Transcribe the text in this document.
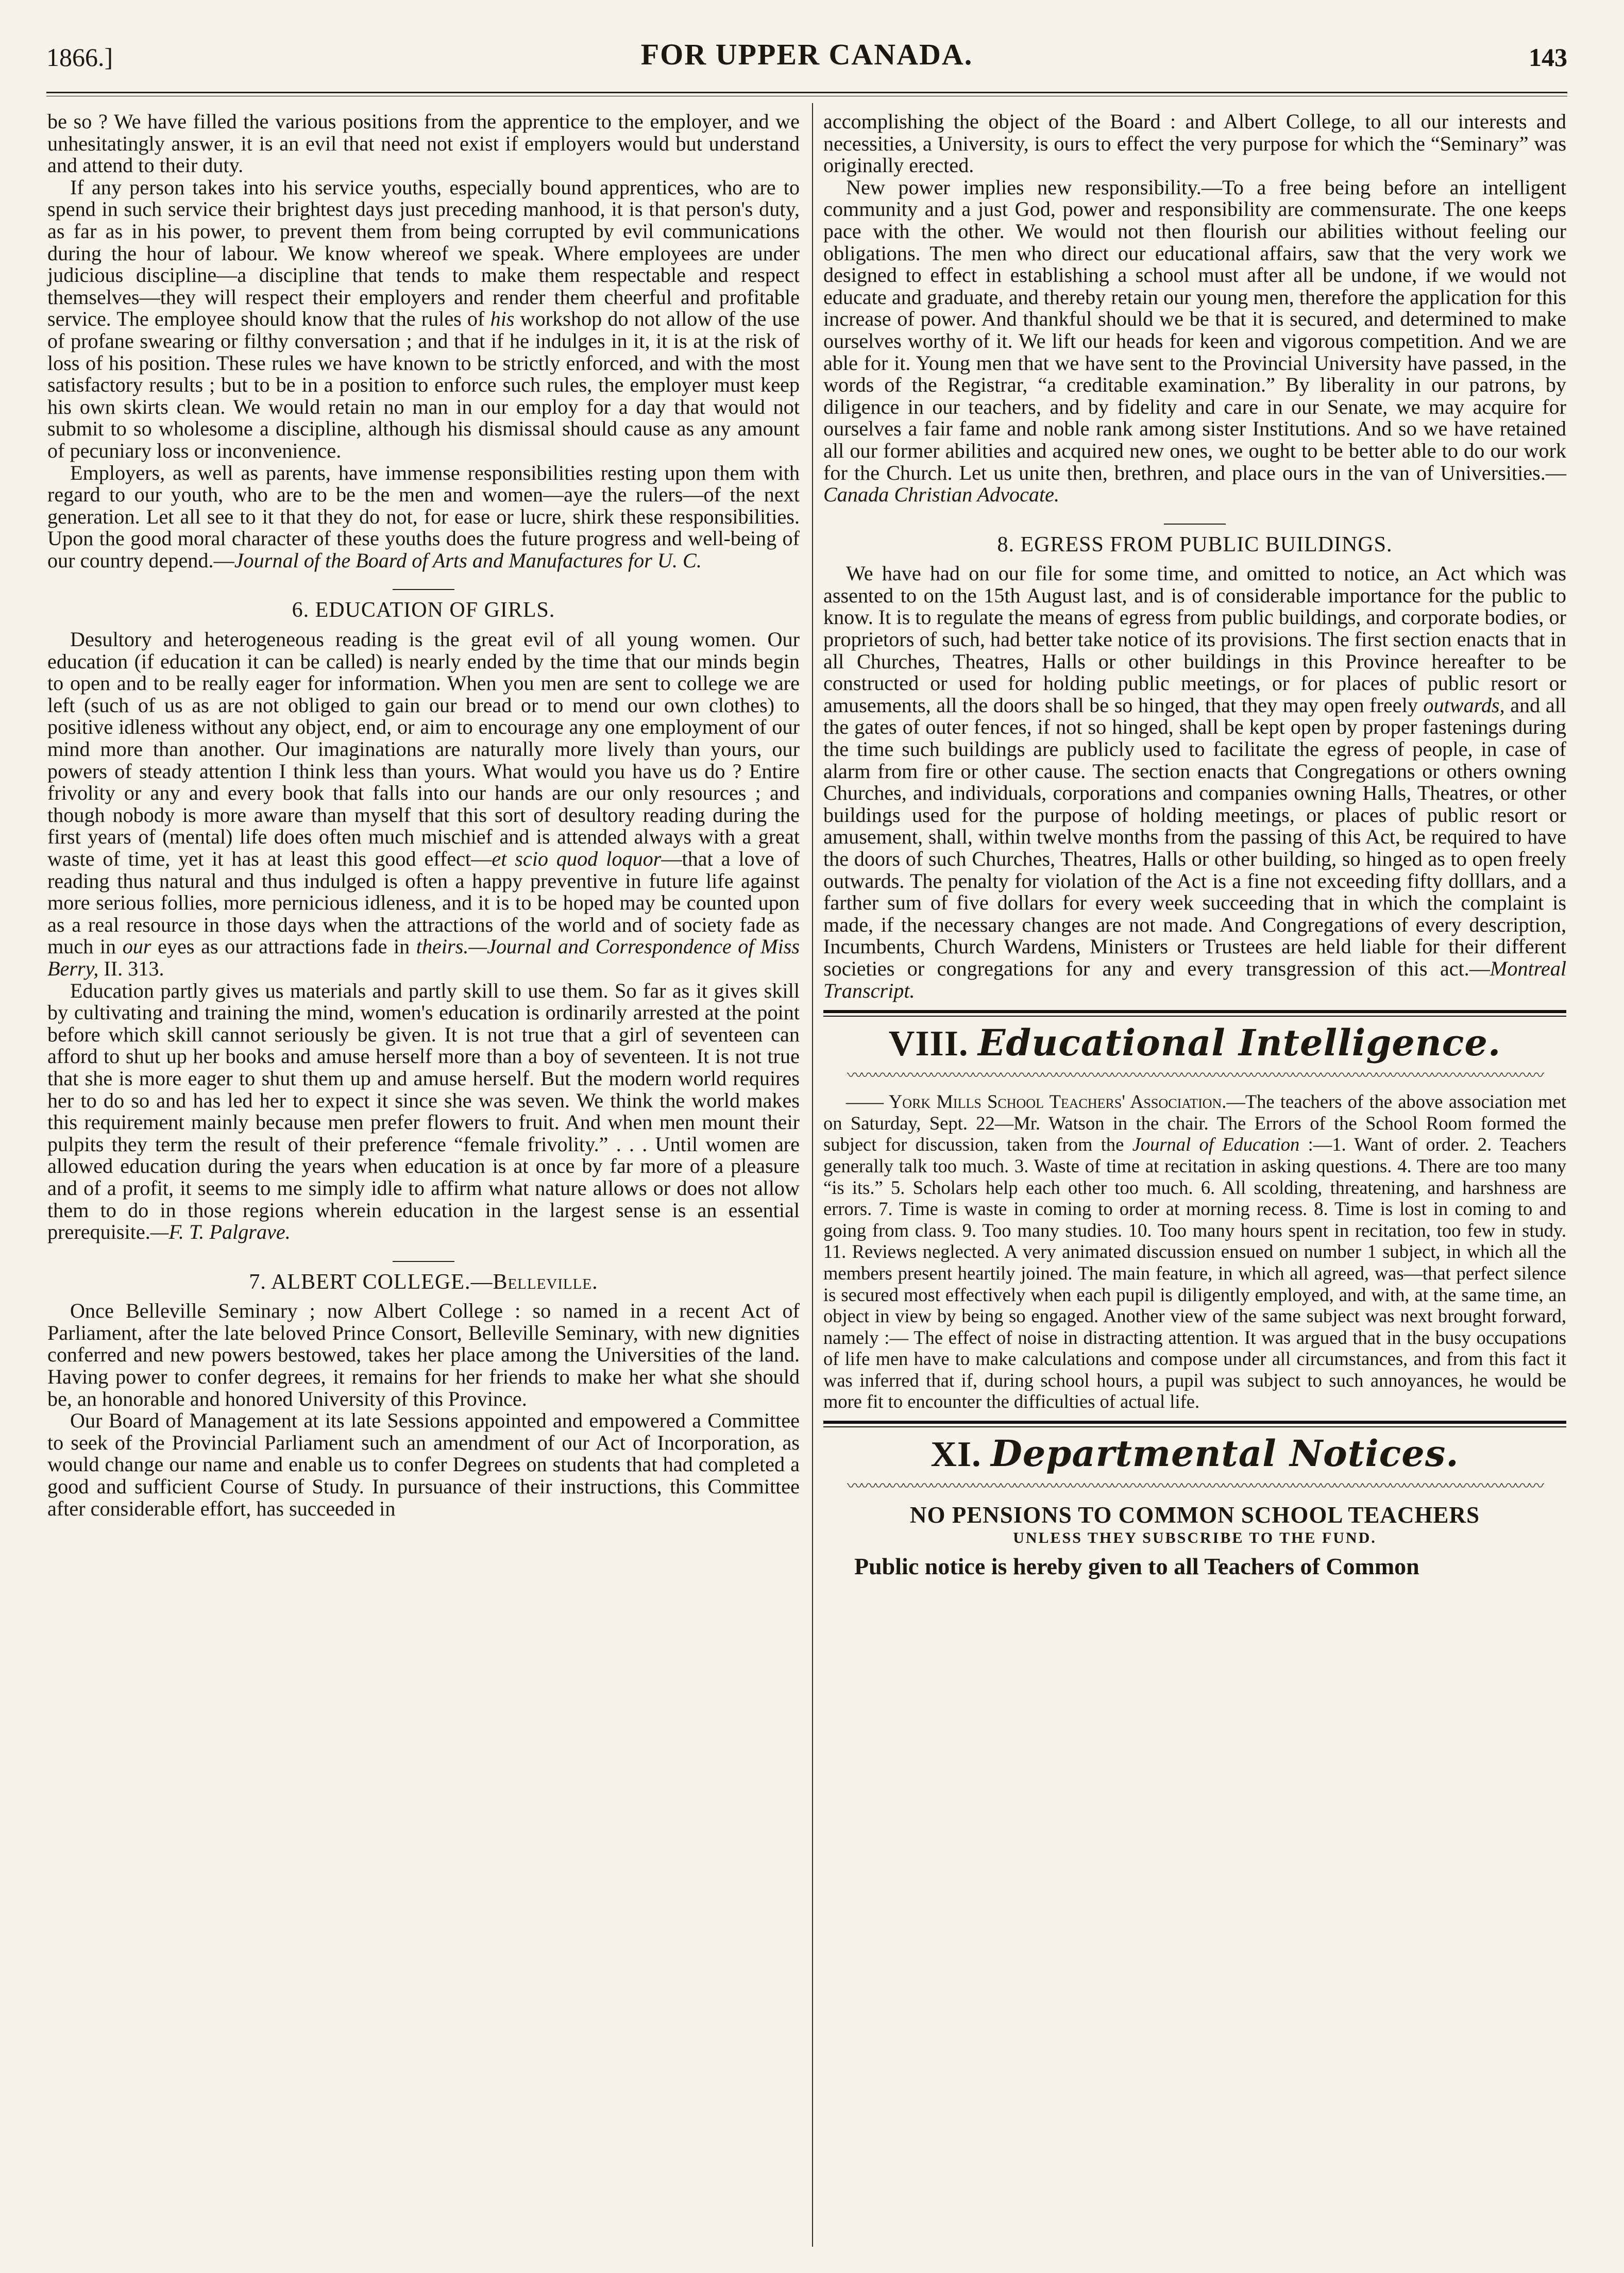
1866.]	FOR UPPER CANADA.	143

be so ? We have filled the various positions from the apprentice to the employer, and we unhesitatingly answer, it is an evil that need not exist if employers would but understand and attend to their duty.

If any person takes into his service youths, especially bound apprentices, who are to spend in such service their brightest days just preceding manhood, it is that person's duty, as far as in his power, to prevent them from being corrupted by evil communications during the hour of labour. We know whereof we speak. Where employees are under judicious discipline—a discipline that tends to make them respectable and respect themselves—they will respect their employers and render them cheerful and profitable service. The employee should know that the rules of his workshop do not allow of the use of profane swearing or filthy conversation ; and that if he indulges in it, it is at the risk of loss of his position. These rules we have known to be strictly enforced, and with the most satisfactory results ; but to be in a position to enforce such rules, the employer must keep his own skirts clean. We would retain no man in our employ for a day that would not submit to so wholesome a discipline, although his dismissal should cause as any amount of pecuniary loss or inconvenience.

Employers, as well as parents, have immense responsibilities resting upon them with regard to our youth, who are to be the men and women—aye the rulers—of the next generation. Let all see to it that they do not, for ease or lucre, shirk these responsibilities. Upon the good moral character of these youths does the future progress and well-being of our country depend.—Journal of the Board of Arts and Manufactures for U. C.

6. EDUCATION OF GIRLS.

Desultory and heterogeneous reading is the great evil of all young women. Our education (if education it can be called) is nearly ended by the time that our minds begin to open and to be really eager for information. When you men are sent to college we are left (such of us as are not obliged to gain our bread or to mend our own clothes) to positive idleness without any object, end, or aim to encourage any one employment of our mind more than another. Our imaginations are naturally more lively than yours, our powers of steady attention I think less than yours. What would you have us do ? Entire frivolity or any and every book that falls into our hands are our only resources ; and though nobody is more aware than myself that this sort of desultory reading during the first years of (mental) life does often much mischief and is attended always with a great waste of time, yet it has at least this good effect—et scio quod loquor—that a love of reading thus natural and thus indulged is often a happy preventive in future life against more serious follies, more pernicious idleness, and it is to be hoped may be counted upon as a real resource in those days when the attractions of the world and of society fade as much in our eyes as our attractions fade in theirs.—Journal and Correspondence of Miss Berry, II. 313.

Education partly gives us materials and partly skill to use them. So far as it gives skill by cultivating and training the mind, women's education is ordinarily arrested at the point before which skill cannot seriously be given. It is not true that a girl of seventeen can afford to shut up her books and amuse herself more than a boy of seventeen. It is not true that she is more eager to shut them up and amuse herself. But the modern world requires her to do so and has led her to expect it since she was seven. We think the world makes this requirement mainly because men prefer flowers to fruit. And when men mount their pulpits they term the result of their preference “female frivolity.” . . . Until women are allowed education during the years when education is at once by far more of a pleasure and of a profit, it seems to me simply idle to affirm what nature allows or does not allow them to do in those regions wherein education in the largest sense is an essential prerequisite.—F. T. Palgrave.

7. ALBERT COLLEGE.—Belleville.

Once Belleville Seminary ; now Albert College : so named in a recent Act of Parliament, after the late beloved Prince Consort, Belleville Seminary, with new dignities conferred and new powers bestowed, takes her place among the Universities of the land. Having power to confer degrees, it remains for her friends to make her what she should be, an honorable and honored University of this Province.

Our Board of Management at its late Sessions appointed and empowered a Committee to seek of the Provincial Parliament such an amendment of our Act of Incorporation, as would change our name and enable us to confer Degrees on students that had completed a good and sufficient Course of Study. In pursuance of their instructions, this Committee after considerable effort, has succeeded in

accomplishing the object of the Board : and Albert College, to all our interests and necessities, a University, is ours to effect the very purpose for which the “Seminary” was originally erected.

New power implies new responsibility.—To a free being before an intelligent community and a just God, power and responsibility are commensurate. The one keeps pace with the other. We would not then flourish our abilities without feeling our obligations. The men who direct our educational affairs, saw that the very work we designed to effect in establishing a school must after all be undone, if we would not educate and graduate, and thereby retain our young men, therefore the application for this increase of power. And thankful should we be that it is secured, and determined to make ourselves worthy of it. We lift our heads for keen and vigorous competition. And we are able for it. Young men that we have sent to the Provincial University have passed, in the words of the Registrar, “a creditable examination.” By liberality in our patrons, by diligence in our teachers, and by fidelity and care in our Senate, we may acquire for ourselves a fair fame and noble rank among sister Institutions. And so we have retained all our former abilities and acquired new ones, we ought to be better able to do our work for the Church. Let us unite then, brethren, and place ours in the van of Universities.—Canada Christian Advocate.

8. EGRESS FROM PUBLIC BUILDINGS.

We have had on our file for some time, and omitted to notice, an Act which was assented to on the 15th August last, and is of considerable importance for the public to know. It is to regulate the means of egress from public buildings, and corporate bodies, or proprietors of such, had better take notice of its provisions. The first section enacts that in all Churches, Theatres, Halls or other buildings in this Province hereafter to be constructed or used for holding public meetings, or for places of public resort or amusements, all the doors shall be so hinged, that they may open freely outwards, and all the gates of outer fences, if not so hinged, shall be kept open by proper fastenings during the time such buildings are publicly used to facilitate the egress of people, in case of alarm from fire or other cause. The section enacts that Congregations or others owning Churches, and individuals, corporations and companies owning Halls, Theatres, or other buildings used for the purpose of holding meetings, or places of public resort or amusement, shall, within twelve months from the passing of this Act, be required to have the doors of such Churches, Theatres, Halls or other building, so hinged as to open freely outwards. The penalty for violation of the Act is a fine not exceeding fifty dolllars, and a farther sum of five dollars for every week succeeding that in which the complaint is made, if the necessary changes are not made. And Congregations of every description, Incumbents, Church Wardens, Ministers or Trustees are held liable for their different societies or congregations for any and every transgression of this act.—Montreal Transcript.

VIII. Educational Intelligence.
〰〰〰〰〰〰〰〰〰〰〰〰〰〰〰〰〰〰〰〰〰〰〰〰〰〰〰〰〰〰〰〰〰〰〰〰〰〰〰〰〰〰〰〰〰〰〰〰〰〰

—— York Mills School Teachers' Association.—The teachers of the above association met on Saturday, Sept. 22—Mr. Watson in the chair. The Errors of the School Room formed the subject for discussion, taken from the Journal of Education :—1. Want of order. 2. Teachers generally talk too much. 3. Waste of time at recitation in asking questions. 4. There are too many “is its.” 5. Scholars help each other too much. 6. All scolding, threatening, and harshness are errors. 7. Time is waste in coming to order at morning recess. 8. Time is lost in coming to and going from class. 9. Too many studies. 10. Too many hours spent in recitation, too few in study. 11. Reviews neglected. A very animated discussion ensued on number 1 subject, in which all the members present heartily joined. The main feature, in which all agreed, was—that perfect silence is secured most effectively when each pupil is diligently employed, and with, at the same time, an object in view by being so engaged. Another view of the same subject was next brought forward, namely :— The effect of noise in distracting attention. It was argued that in the busy occupations of life men have to make calculations and compose under all circumstances, and from this fact it was inferred that if, during school hours, a pupil was subject to such annoyances, he would be more fit to encounter the difficulties of actual life.

XI. Departmental Notices.
〰〰〰〰〰〰〰〰〰〰〰〰〰〰〰〰〰〰〰〰〰〰〰〰〰〰〰〰〰〰〰〰〰〰〰〰〰〰〰〰〰〰〰〰〰〰〰〰〰〰
NO PENSIONS TO COMMON SCHOOL TEACHERS
UNLESS THEY SUBSCRIBE TO THE FUND.

Public notice is hereby given to all Teachers of Common
